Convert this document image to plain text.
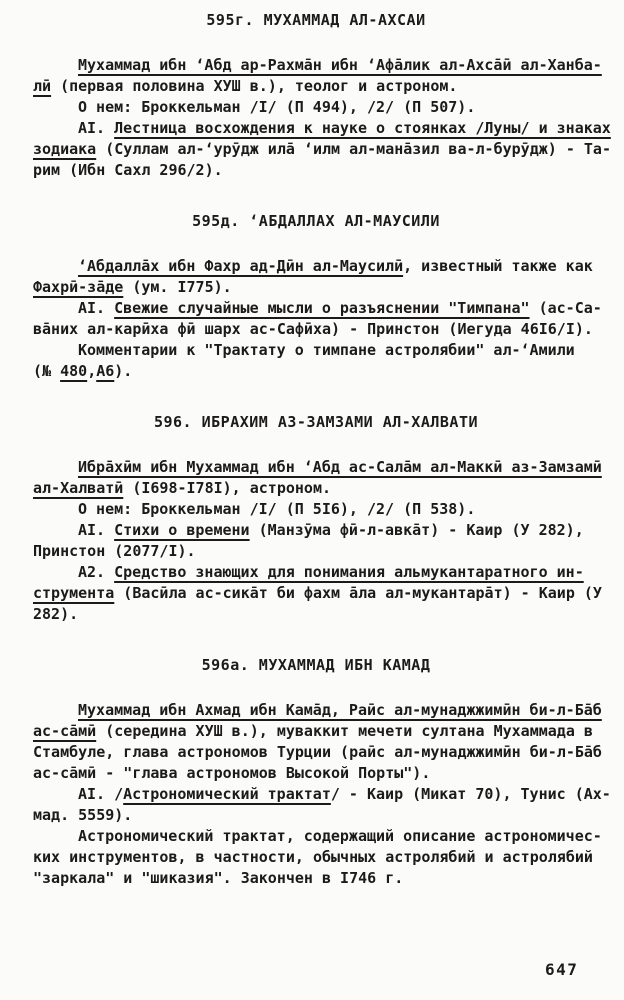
595г. МУХАММАД АЛ-АХСАИ
Мухаммад ибн ‘Абд ар-Рахма̄н ибн ‘Афа̄лик ал-Ахса̄ӣ ал-Ханба-
лӣ (первая половина ХУШ в.), теолог и астроном.
О нем: Броккельман /I/ (П 494), /2/ (П 507).
АI. Лестница восхождения к науке о стоянках /Луны/ и знаках
зодиака (Суллам ал-‘урӯдж ила̄ ‘илм ал-мана̄зил ва-л-бурӯдж) - Та-
рим (Ибн Сахл 296/2).
595д. ‘АБДАЛЛАХ АЛ-МАУСИЛИ
‘Абдалла̄х ибн Фахр ад-Дӣн ал-Маусилӣ, известный также как
Фахрӣ-за̄де (ум. I775).
АI. Свежие случайные мысли о разъяснении "Тимпана" (ас-Са-
ва̄них ал-карӣха фӣ шарх ас-Сафӣха) - Принстон (Иегуда 46I6/I).
Комментарии к "Трактату о тимпане астролябии" ал-‘Амили
(№ 480,А6).
596. ИБРАХИМ АЗ-ЗАМЗАМИ АЛ-ХАЛВАТИ
Ибра̄хӣм ибн Мухаммад ибн ‘Абд ас-Сала̄м ал-Маккӣ аз-Замзамӣ
ал-Халватӣ (I698-I78I), астроном.
О нем: Броккельман /I/ (П 5I6), /2/ (П 538).
АI. Стихи о времени (Манзӯма фӣ-л-авка̄т) - Каир (У 282),
Принстон (2077/I).
А2. Средство знающих для понимания альмукантаратного ин-
струмента (Васӣла ас-сика̄т би фахм а̄ла ал-мукантара̄т) - Каир (У
282).
596а. МУХАММАД ИБН КАМАД
Мухаммад ибн Ахмад ибн Кама̄д, Раӣс ал-мунаджжимӣн би-л-Ба̄б
ас-са̄мӣ (середина ХУШ в.), муваккит мечети султана Мухаммада в
Стамбуле, глава астрономов Турции (раӣс ал-мунаджжимӣн би-л-Ба̄б
ас-са̄мӣ - "глава астрономов Высокой Порты").
АI. /Астрономический трактат/ - Каир (Микат 70), Тунис (Ах-
мад. 5559).
Астрономический трактат, содержащий описание астрономичес-
ких инструментов, в частности, обычных астролябий и астролябий
"заркала" и "шиказия". Закончен в I746 г.
647
